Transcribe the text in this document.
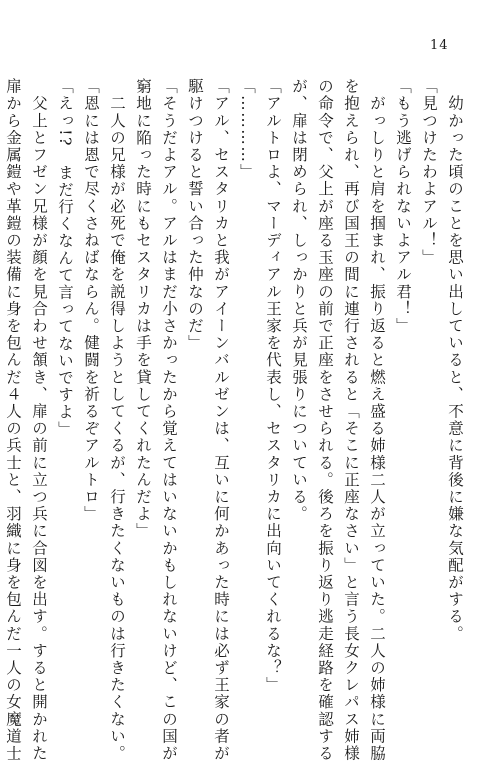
14
　幼かった頃のことを思い出していると、不意に背後に嫌な気配がする。
「見つけたわよアル！」
「もう逃げられないよアル君！」
　がっしりと肩を掴まれ、振り返ると燃え盛る姉様二人が立っていた。二人の姉様に両脇
を抱えられ、再び国王の間に連行されると「そこに正座なさい」と言う長女クレパス姉様
の命令で、父上が座る玉座の前で正座をさせられる。後ろを振り返り逃走経路を確認する
が、扉は閉められ、しっかりと兵が見張りについている。
「アルトロよ、マーディアル王家を代表し、セスタリカに出向いてくれるな？」
「…………」
「アル、セスタリカと我がアイーンバルゼンは、互いに何かあった時には必ず王家の者が
駆けつけると誓い合った仲なのだ」
「そうだよアル。アルはまだ小さかったから覚えてはいないかもしれないけど、この国が
窮地に陥った時にもセスタリカは手を貸してくれたんだよ」
　二人の兄様が必死で俺を説得しようとしてくるが、行きたくないものは行きたくない。
「恩には恩で尽くさねばならん。健闘を祈るぞアルトロ」
「えっ!?　まだ行くなんて言ってないですよ」
　父上とフゼン兄様が顔を見合わせ頷き、扉の前に立つ兵に合図を出す。すると開かれた
扉から金属鎧や革鎧の装備に身を包んだ４人の兵士と、羽織に身を包んだ一人の女魔道士
